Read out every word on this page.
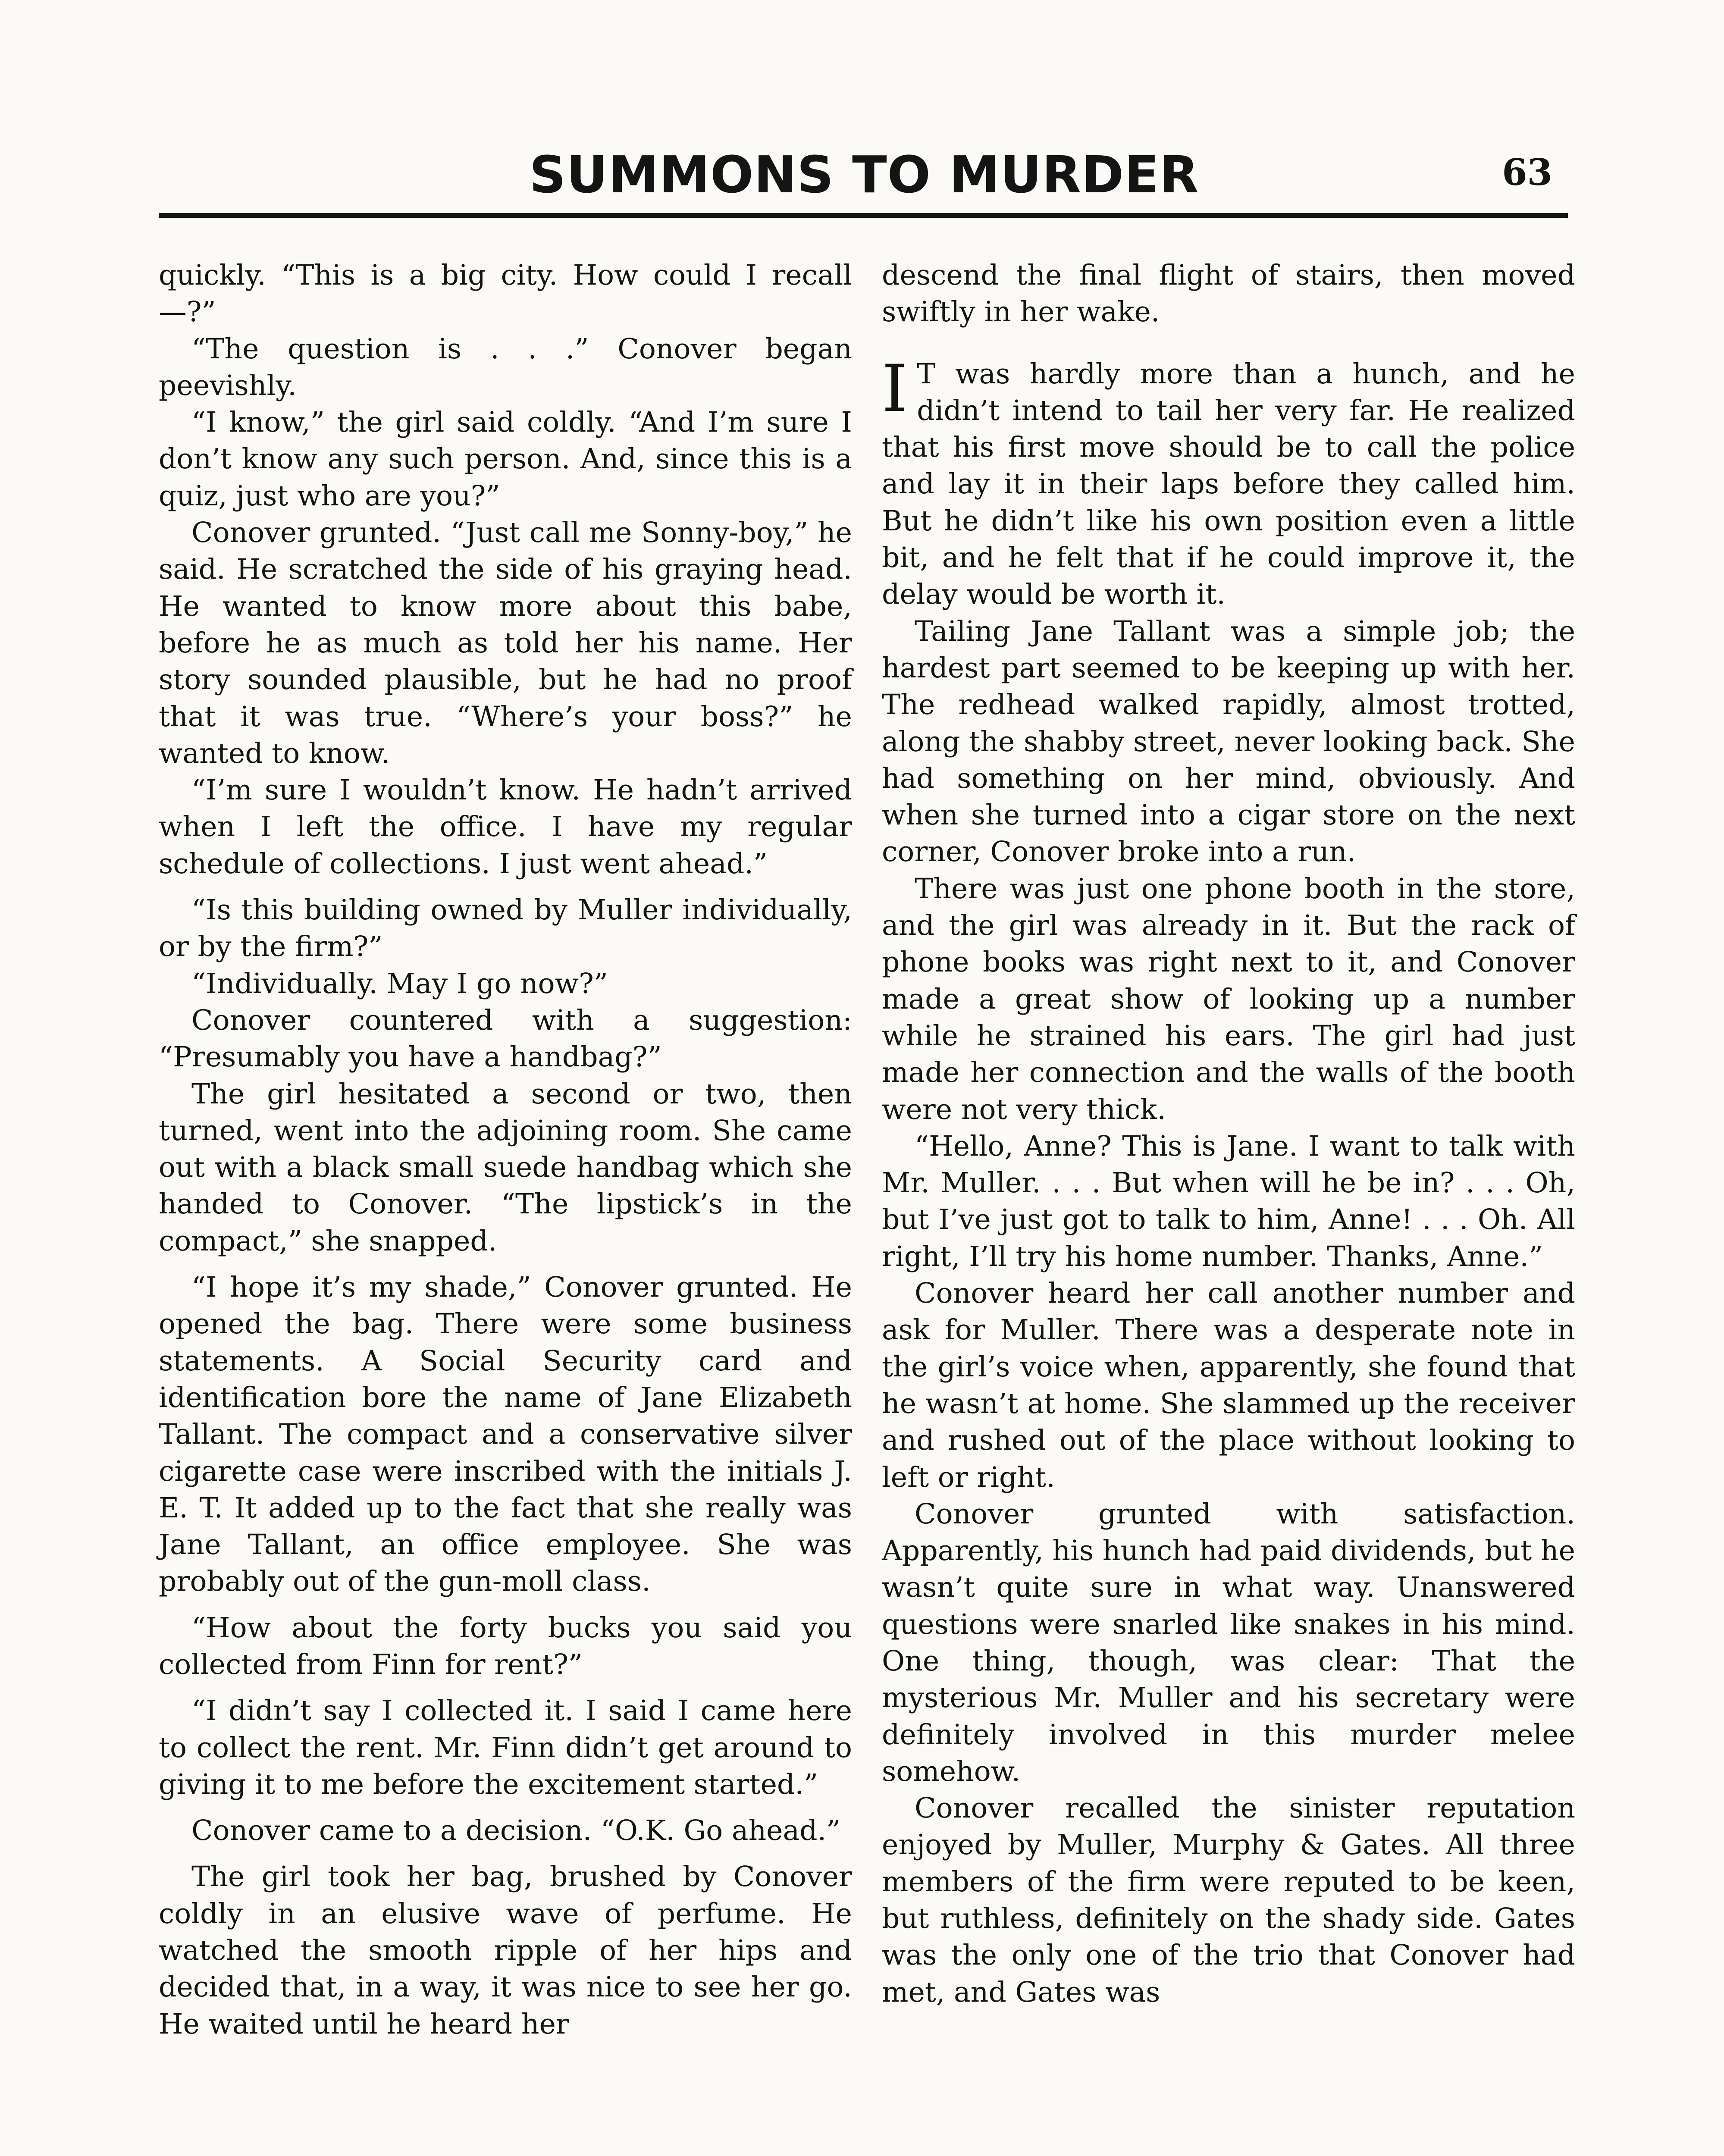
SUMMONS TO MURDER	63

quickly. “This is a big city. How could I recall—?”

“The question is . . .” Conover began peevishly.

“I know,” the girl said coldly. “And I’m sure I don’t know any such person. And, since this is a quiz, just who are you?”

Conover grunted. “Just call me Sonny-boy,” he said. He scratched the side of his graying head. He wanted to know more about this babe, before he as much as told her his name. Her story sounded plausible, but he had no proof that it was true. “Where’s your boss?” he wanted to know.

“I’m sure I wouldn’t know. He hadn’t arrived when I left the office. I have my regular schedule of collections. I just went ahead.”

“Is this building owned by Muller individually, or by the firm?”

“Individually. May I go now?”

Conover countered with a suggestion: “Presumably you have a handbag?”

The girl hesitated a second or two, then turned, went into the adjoining room. She came out with a black small suede handbag which she handed to Conover. “The lipstick’s in the compact,” she snapped.

“I hope it’s my shade,” Conover grunted. He opened the bag. There were some business statements. A Social Security card and identification bore the name of Jane Elizabeth Tallant. The compact and a conservative silver cigarette case were inscribed with the initials J. E. T. It added up to the fact that she really was Jane Tallant, an office employee. She was probably out of the gun-moll class.

“How about the forty bucks you said you collected from Finn for rent?”

“I didn’t say I collected it. I said I came here to collect the rent. Mr. Finn didn’t get around to giving it to me before the excitement started.”

Conover came to a decision. “O.K. Go ahead.”

The girl took her bag, brushed by Conover coldly in an elusive wave of perfume. He watched the smooth ripple of her hips and decided that, in a way, it was nice to see her go. He waited until he heard her

descend the final flight of stairs, then moved swiftly in her wake.

I T was hardly more than a hunch, and he didn’t intend to tail her very far. He realized that his first move should be to call the police and lay it in their laps before they called him. But he didn’t like his own position even a little bit, and he felt that if he could improve it, the delay would be worth it.

Tailing Jane Tallant was a simple job; the hardest part seemed to be keeping up with her. The redhead walked rapidly, almost trotted, along the shabby street, never looking back. She had something on her mind, obviously. And when she turned into a cigar store on the next corner, Conover broke into a run.

There was just one phone booth in the store, and the girl was already in it. But the rack of phone books was right next to it, and Conover made a great show of looking up a number while he strained his ears. The girl had just made her connection and the walls of the booth were not very thick.

“Hello, Anne? This is Jane. I want to talk with Mr. Muller. . . . But when will he be in? . . . Oh, but I’ve just got to talk to him, Anne! . . . Oh. All right, I’ll try his home number. Thanks, Anne.”

Conover heard her call another number and ask for Muller. There was a desperate note in the girl’s voice when, apparently, she found that he wasn’t at home. She slammed up the receiver and rushed out of the place without looking to left or right.

Conover grunted with satisfaction. Apparently, his hunch had paid dividends, but he wasn’t quite sure in what way. Unanswered questions were snarled like snakes in his mind. One thing, though, was clear: That the mysterious Mr. Muller and his secretary were definitely involved in this murder melee somehow.

Conover recalled the sinister reputation enjoyed by Muller, Murphy & Gates. All three members of the firm were reputed to be keen, but ruthless, definitely on the shady side. Gates was the only one of the trio that Conover had met, and Gates was
